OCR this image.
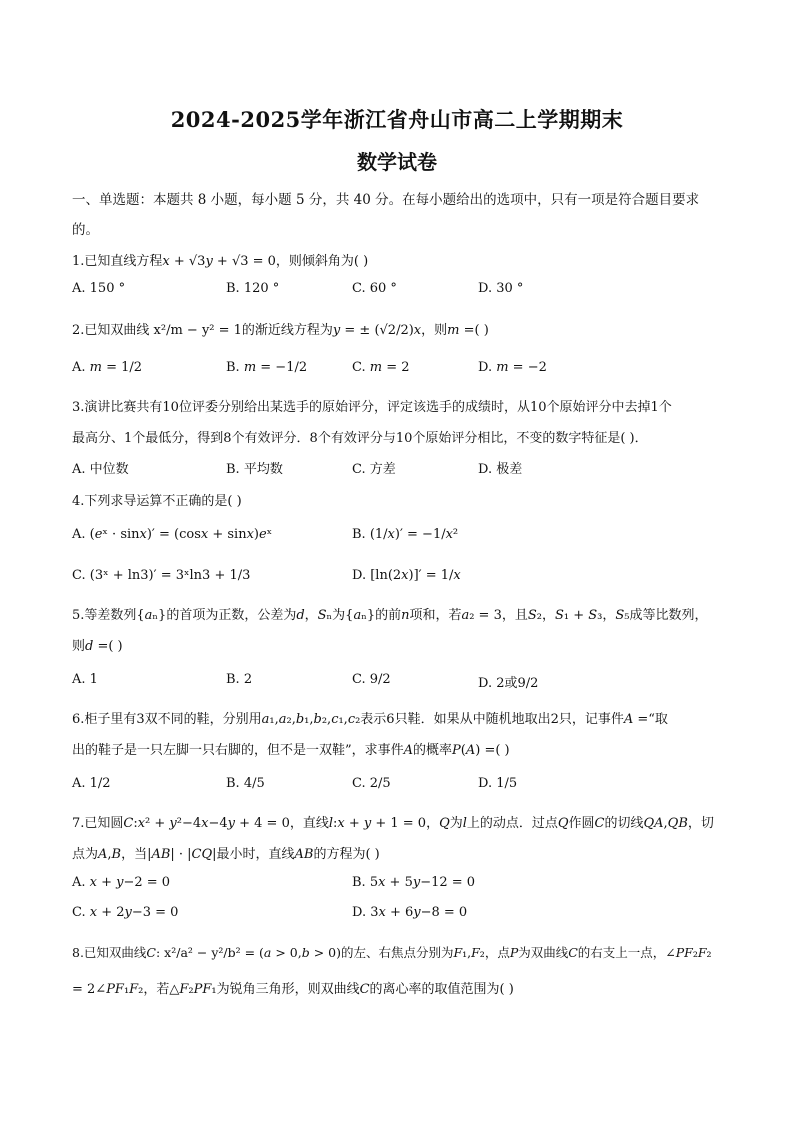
2024-2025学年浙江省舟山市高二上学期期末
数学试卷
一、单选题：本题共 8 小题，每小题 5 分，共 40 分。在每小题给出的选项中，只有一项是符合题目要求
的。
1.已知直线方程𝑥 + √3𝑦 + √3 = 0，则倾斜角为( )
A. 150 °	B. 120 °	C. 60 °	D. 30 °
2.已知双曲线 x²/m − y² = 1的渐近线方程为𝑦 = ± (√2/2)𝑥，则𝑚 =( )
A. 𝑚 = 1/2	B. 𝑚 = −1/2	C. 𝑚 = 2	D. 𝑚 = −2
3.演讲比赛共有10位评委分别给出某选手的原始评分，评定该选手的成绩时，从10个原始评分中去掉1个
最高分、1个最低分，得到8个有效评分．8个有效评分与10个原始评分相比，不变的数字特征是( )．
A. 中位数	B. 平均数	C. 方差	D. 极差
4.下列求导运算不正确的是( )
A. (𝑒ˣ · sin𝑥)′ = (cos𝑥 + sin𝑥)𝑒ˣ	B. (1/𝑥)′ = −1/𝑥²
C. (3ˣ + ln3)′ = 3ˣln3 + 1/3	D. [ln(2𝑥)]′ = 1/𝑥
5.等差数列{𝑎ₙ}的首项为正数，公差为𝑑，𝑆ₙ为{𝑎ₙ}的前𝑛项和，若𝑎₂ = 3，且𝑆₂，𝑆₁ + 𝑆₃，𝑆₅成等比数列，
则𝑑 =( )
A. 1	B. 2	C. 9/2	D. 2或9/2
6.柜子里有3双不同的鞋，分别用𝑎₁,𝑎₂,𝑏₁,𝑏₂,𝑐₁,𝑐₂表示6只鞋．如果从中随机地取出2只，记事件𝐴 =“取
出的鞋子是一只左脚一只右脚的，但不是一双鞋”，求事件𝐴的概率𝑃(𝐴) =( )
A. 1/2	B. 4/5	C. 2/5	D. 1/5
7.已知圆𝐶:𝑥² + 𝑦²−4𝑥−4𝑦 + 4 = 0，直线𝑙:𝑥 + 𝑦 + 1 = 0，𝑄为𝑙上的动点．过点𝑄作圆𝐶的切线𝑄𝐴,𝑄𝐵，切
点为𝐴,𝐵，当|𝐴𝐵| · |𝐶𝑄|最小时，直线𝐴𝐵的方程为( )
A. 𝑥 + 𝑦−2 = 0	B. 5𝑥 + 5𝑦−12 = 0
C. 𝑥 + 2𝑦−3 = 0	D. 3𝑥 + 6𝑦−8 = 0
8.已知双曲线𝐶: x²/a² − y²/b² = (𝑎 > 0,𝑏 > 0)的左、右焦点分别为𝐹₁,𝐹₂，点𝑃为双曲线𝐶的右支上一点，∠𝑃𝐹₂𝐹₂
= 2∠𝑃𝐹₁𝐹₂，若△𝐹₂𝑃𝐹₁为锐角三角形，则双曲线𝐶的离心率的取值范围为( )
